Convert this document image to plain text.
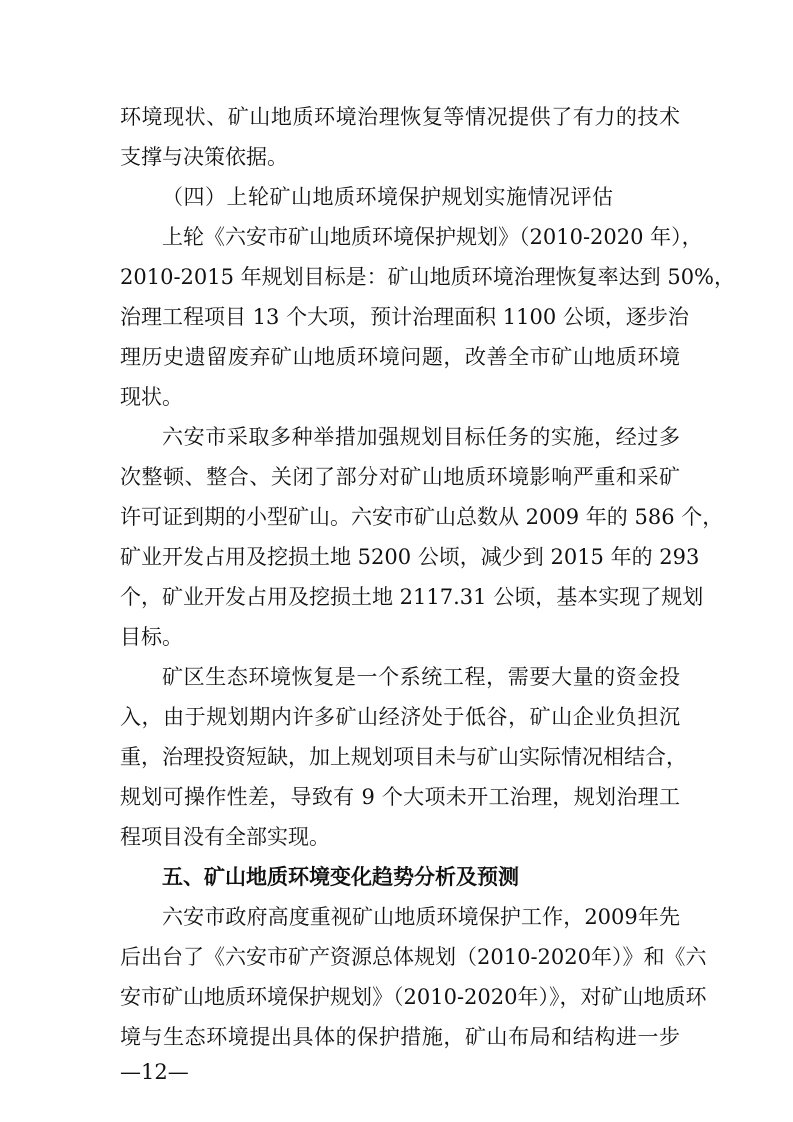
环境现状、矿山地质环境治理恢复等情况提供了有力的技术
支撑与决策依据。
（四）上轮矿山地质环境保护规划实施情况评估
上轮《六安市矿山地质环境保护规划》（2010-2020 年），
2010-2015 年规划目标是：矿山地质环境治理恢复率达到 50%，
治理工程项目 13 个大项，预计治理面积 1100 公顷，逐步治
理历史遗留废弃矿山地质环境问题，改善全市矿山地质环境
现状。
六安市采取多种举措加强规划目标任务的实施，经过多
次整顿、整合、关闭了部分对矿山地质环境影响严重和采矿
许可证到期的小型矿山。六安市矿山总数从 2009 年的 586 个，
矿业开发占用及挖损土地 5200 公顷，减少到 2015 年的 293
个，矿业开发占用及挖损土地 2117.31 公顷，基本实现了规划
目标。
矿区生态环境恢复是一个系统工程，需要大量的资金投
入，由于规划期内许多矿山经济处于低谷，矿山企业负担沉
重，治理投资短缺，加上规划项目未与矿山实际情况相结合，
规划可操作性差，导致有 9 个大项未开工治理，规划治理工
程项目没有全部实现。
五、矿山地质环境变化趋势分析及预测
六安市政府高度重视矿山地质环境保护工作，2009年先
后出台了《六安市矿产资源总体规划（2010-2020年）》和《六
安市矿山地质环境保护规划》（2010-2020年）》，对矿山地质环
境与生态环境提出具体的保护措施，矿山布局和结构进一步
—12—
